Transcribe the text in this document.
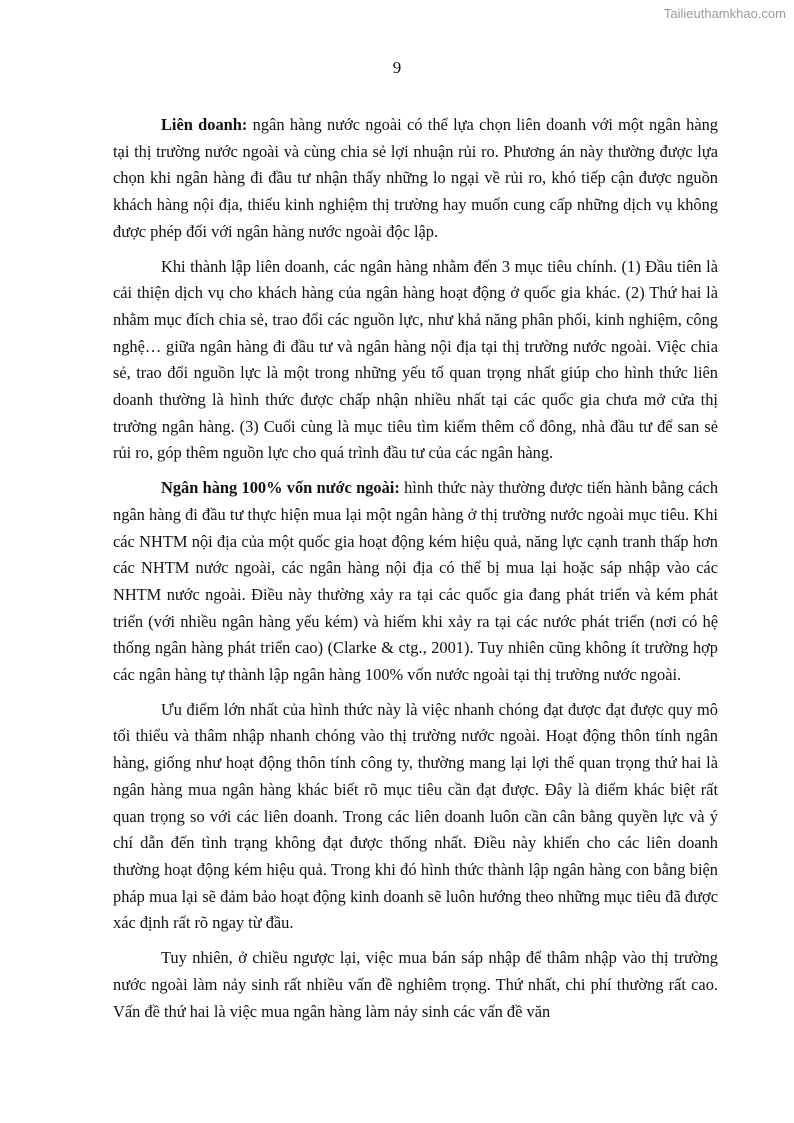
Tailieuthamkhao.com
9

Liên doanh: ngân hàng nước ngoài có thể lựa chọn liên doanh với một ngân hàng tại thị trường nước ngoài và cùng chia sẻ lợi nhuận rủi ro. Phương án này thường được lựa chọn khi ngân hàng đi đầu tư nhận thấy những lo ngại về rủi ro, khó tiếp cận được nguồn khách hàng nội địa, thiếu kinh nghiệm thị trường hay muốn cung cấp những dịch vụ không được phép đối với ngân hàng nước ngoài độc lập.

Khi thành lập liên doanh, các ngân hàng nhằm đến 3 mục tiêu chính. (1) Đầu tiên là cải thiện dịch vụ cho khách hàng của ngân hàng hoạt động ở quốc gia khác. (2) Thứ hai là nhằm mục đích chia sẻ, trao đổi các nguồn lực, như khả năng phân phối, kinh nghiệm, công nghệ… giữa ngân hàng đi đầu tư và ngân hàng nội địa tại thị trường nước ngoài. Việc chia sẻ, trao đổi nguồn lực là một trong những yếu tố quan trọng nhất giúp cho hình thức liên doanh thường là hình thức được chấp nhận nhiều nhất tại các quốc gia chưa mở cửa thị trường ngân hàng. (3) Cuối cùng là mục tiêu tìm kiếm thêm cổ đông, nhà đầu tư để san sẻ rủi ro, góp thêm nguồn lực cho quá trình đầu tư của các ngân hàng.

Ngân hàng 100% vốn nước ngoài: hình thức này thường được tiến hành bằng cách ngân hàng đi đầu tư thực hiện mua lại một ngân hàng ở thị trường nước ngoài mục tiêu. Khi các NHTM nội địa của một quốc gia hoạt động kém hiệu quả, năng lực cạnh tranh thấp hơn các NHTM nước ngoài, các ngân hàng nội địa có thể bị mua lại hoặc sáp nhập vào các NHTM nước ngoài. Điều này thường xảy ra tại các quốc gia đang phát triển và kém phát triển (với nhiều ngân hàng yếu kém) và hiếm khi xảy ra tại các nước phát triển (nơi có hệ thống ngân hàng phát triển cao) (Clarke & ctg., 2001). Tuy nhiên cũng không ít trường hợp các ngân hàng tự thành lập ngân hàng 100% vốn nước ngoài tại thị trường nước ngoài.

Ưu điểm lớn nhất của hình thức này là việc nhanh chóng đạt được đạt được quy mô tối thiểu và thâm nhập nhanh chóng vào thị trường nước ngoài. Hoạt động thôn tính ngân hàng, giống như hoạt động thôn tính công ty, thường mang lại lợi thế quan trọng thứ hai là ngân hàng mua ngân hàng khác biết rõ mục tiêu cần đạt được. Đây là điểm khác biệt rất quan trọng so với các liên doanh. Trong các liên doanh luôn cần cân bằng quyền lực và ý chí dẫn đến tình trạng không đạt được thống nhất. Điều này khiến cho các liên doanh thường hoạt động kém hiệu quả. Trong khi đó hình thức thành lập ngân hàng con bằng biện pháp mua lại sẽ đảm bảo hoạt động kinh doanh sẽ luôn hướng theo những mục tiêu đã được xác định rất rõ ngay từ đầu.

Tuy nhiên, ở chiều ngược lại, việc mua bán sáp nhập để thâm nhập vào thị trường nước ngoài làm nảy sinh rất nhiều vấn đề nghiêm trọng. Thứ nhất, chi phí thường rất cao. Vấn đề thứ hai là việc mua ngân hàng làm nảy sinh các vấn đề văn
